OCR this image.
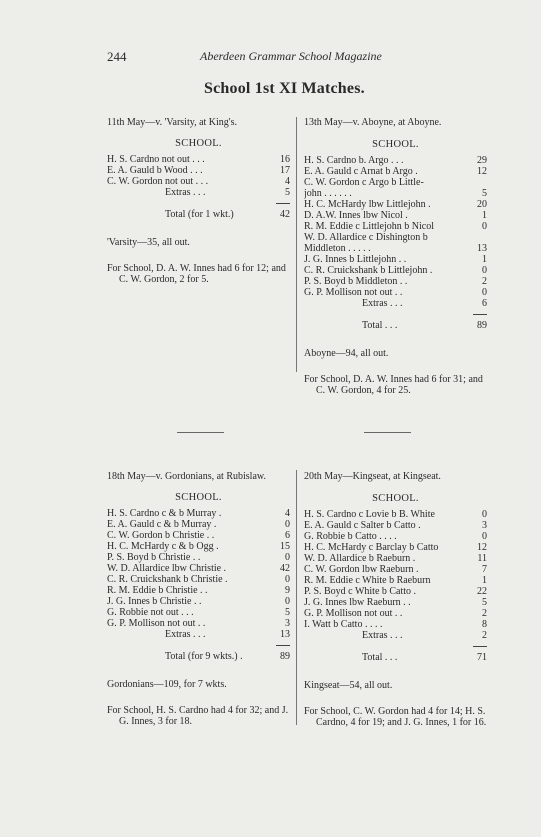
244	Aberdeen Grammar School Magazine
School 1st XI Matches.
11th May—v. 'Varsity, at King's.
SCHOOL.
H. S. Cardno not out . . .	16
E. A. Gauld b Wood . . .	17
C. W. Gordon not out . . .	4
Extras . . .	5
Total (for 1 wkt.)	42
'Varsity—35, all out.
For School, D. A. W. Innes had 6 for 12; and C. W. Gordon, 2 for 5.
13th May—v. Aboyne, at Aboyne.
SCHOOL.
H. S. Cardno b. Argo . . .	29
E. A. Gauld c Arnat b Argo .	12
C. W. Gordon c Argo b Little-
john . . . . . .	5
H. C. McHardy lbw Littlejohn .	20
D. A.W. Innes lbw Nicol .	1
R. M. Eddie c Littlejohn b Nicol	0
W. D. Allardice c Dishington b
Middleton . . . . .	13
J. G. Innes b Littlejohn . .	1
C. R. Cruickshank b Littlejohn .	0
P. S. Boyd b Middleton . .	2
G. P. Mollison not out . .	0
Extras . . .	6
Total . . .	89
Aboyne—94, all out.
For School, D. A. W. Innes had 6 for 31; and C. W. Gordon, 4 for 25.
18th May—v. Gordonians, at Rubislaw.
SCHOOL.
H. S. Cardno c & b Murray .	4
E. A. Gauld c & b Murray .	0
C. W. Gordon b Christie . .	6
H. C. McHardy c & b Ogg .	15
P. S. Boyd b Christie . .	0
W. D. Allardice lbw Christie .	42
C. R. Cruickshank b Christie .	0
R. M. Eddie b Christie . .	9
J. G. Innes b Christie . .	0
G. Robbie not out . . .	5
G. P. Mollison not out . .	3
Extras . . .	13
Total (for 9 wkts.) .	89
Gordonians—109, for 7 wkts.
For School, H. S. Cardno had 4 for 32; and J. G. Innes, 3 for 18.
20th May—Kingseat, at Kingseat.
SCHOOL.
H. S. Cardno c Lovie b B. White	0
E. A. Gauld c Salter b Catto .	3
G. Robbie b Catto . . . .	0
H. C. McHardy c Barclay b Catto	12
W. D. Allardice b Raeburn .	11
C. W. Gordon lbw Raeburn .	7
R. M. Eddie c White b Raeburn	1
P. S. Boyd c White b Catto .	22
J. G. Innes lbw Raeburn . .	5
G. P. Mollison not out . .	2
I. Watt b Catto . . . .	8
Extras . . .	2
Total . . .	71
Kingseat—54, all out.
For School, C. W. Gordon had 4 for 14; H. S. Cardno, 4 for 19; and J. G. Innes, 1 for 16.
